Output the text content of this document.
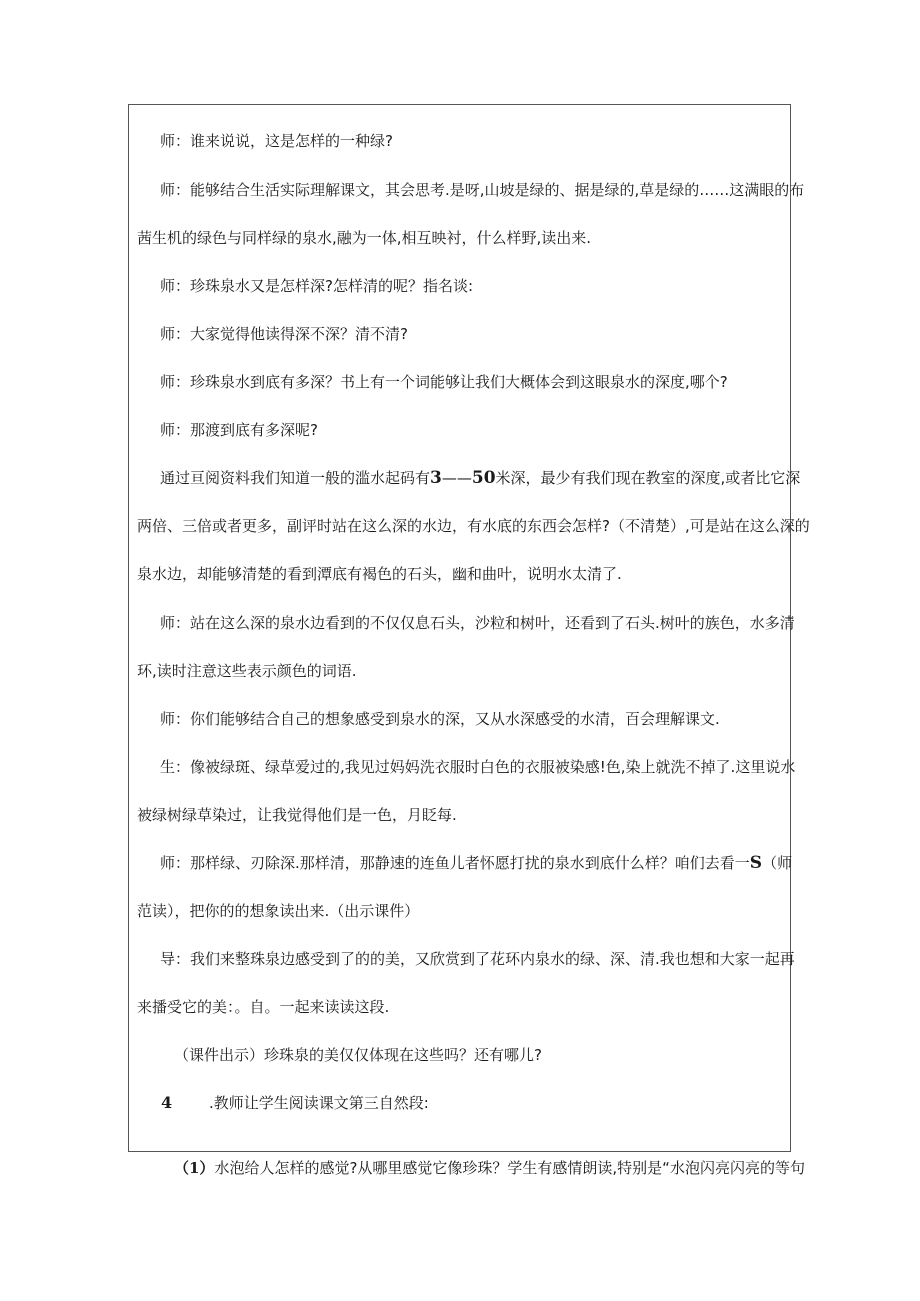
师：谁来说说，这是怎样的一种绿?
师：能够结合生活实际理解课文，其会思考.是呀,山坡是绿的、据是绿的,草是绿的……这满眼的布
茜生机的绿色与同样绿的泉水,融为一体,相互映衬，什么样野,读出来.
师：珍珠泉水又是怎样深?怎样清的呢？指名谈:
师：大家觉得他读得深不深？清不清?
师：珍珠泉水到底有多深？书上有一个词能够让我们大概体会到这眼泉水的深度,哪个?
师：那渡到底有多深呢?
通过亘阅资料我们知道一般的滥水起码有3——50米深，最少有我们现在教室的深度,或者比它深
两倍、三倍或者更多，副评时站在这么深的水边，有水底的东西会怎样?（不清楚）,可是站在这么深的
泉水边，却能够清楚的看到潭底有褐色的石头，幽和曲叶，说明水太清了.
师：站在这么深的泉水边看到的不仅仅息石头，沙粒和树叶，还看到了石头.树叶的族色，水多清
环,读时注意这些表示颜色的词语.
师：你们能够结合自己的想象感受到泉水的深，又从水深感受的水清，百会理解课文.
生：像被绿斑、绿草爱过的,我见过妈妈洗衣服时白色的衣服被染感!色,染上就洗不掉了.这里说水
被绿树绿草染过，让我觉得他们是一色，月眨每.
师：那样绿、刃除深.那样清，那静速的连鱼儿者怀愿打扰的泉水到底什么样？咱们去看一S（师
范读），把你的的想象读出来.（出示课件）
导：我们来整珠泉边感受到了的的美，又欣赏到了花环内泉水的绿、深、清.我也想和大家一起再
来播受它的美：。自。一起来读读这段.
（课件出示）珍珠泉的美仅仅体现在这些吗？还有哪儿?
4 .教师让学生阅读课文第三自然段:
（1）水泡给人怎样的感觉?从哪里感觉它像珍珠？学生有感情朗读,特别是“水泡闪亮闪亮的等句
